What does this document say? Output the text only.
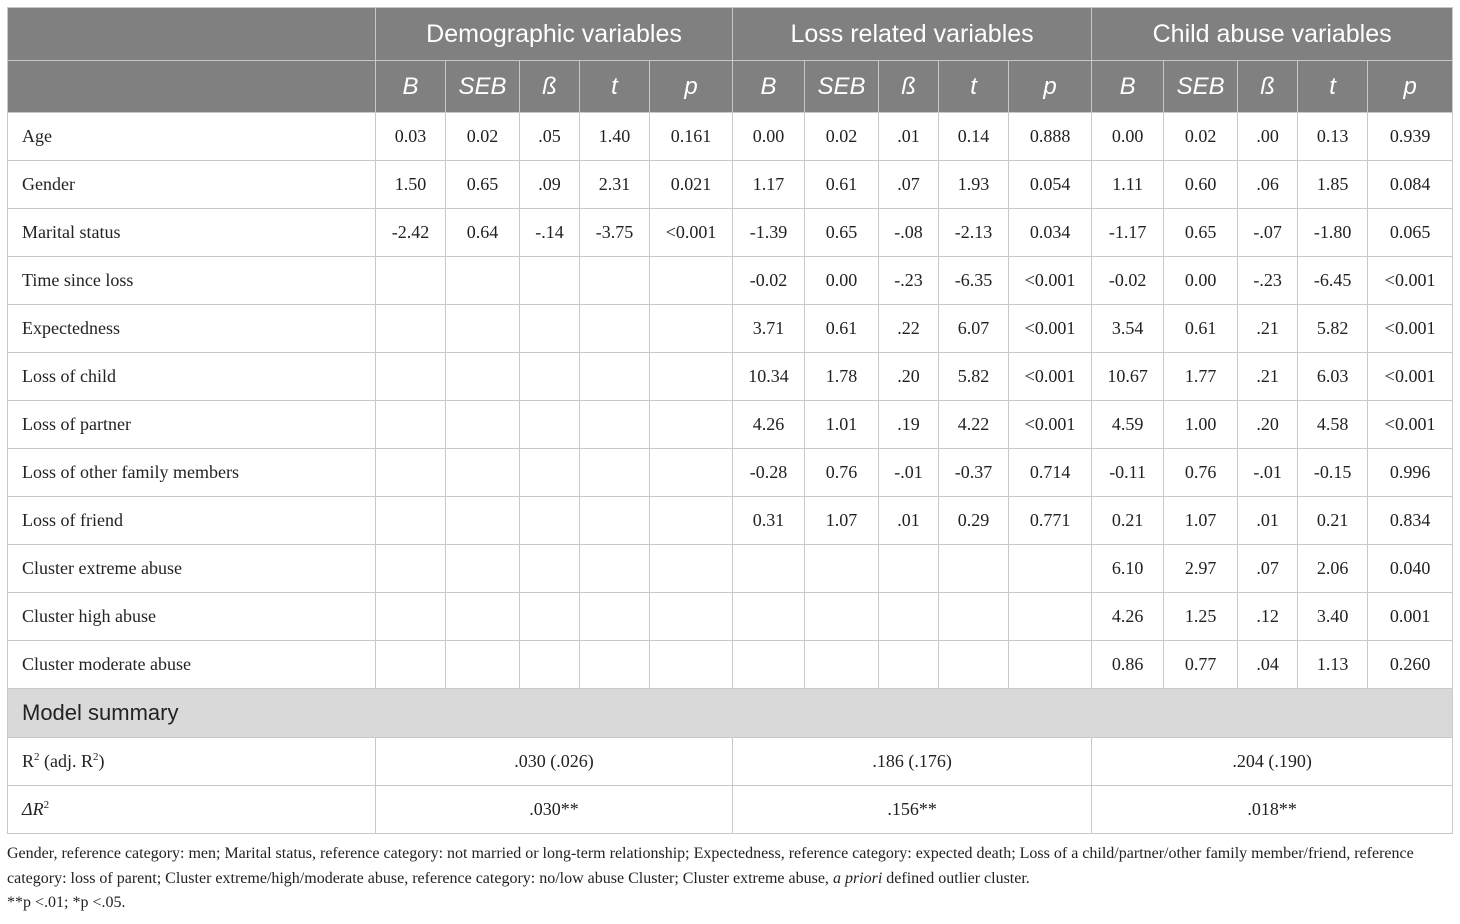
	Demographic variables					Loss related variables					Child abuse variables				
	B	SEB	ß	t	p	B	SEB	ß	t	p	B	SEB	ß	t	p
Age	0.03	0.02	.05	1.40	0.161	0.00	0.02	.01	0.14	0.888	0.00	0.02	.00	0.13	0.939
Gender	1.50	0.65	.09	2.31	0.021	1.17	0.61	.07	1.93	0.054	1.11	0.60	.06	1.85	0.084
Marital status	-2.42	0.64	-.14	-3.75	<0.001	-1.39	0.65	-.08	-2.13	0.034	-1.17	0.65	-.07	-1.80	0.065
Time since loss						-0.02	0.00	-.23	-6.35	<0.001	-0.02	0.00	-.23	-6.45	<0.001
Expectedness						3.71	0.61	.22	6.07	<0.001	3.54	0.61	.21	5.82	<0.001
Loss of child						10.34	1.78	.20	5.82	<0.001	10.67	1.77	.21	6.03	<0.001
Loss of partner						4.26	1.01	.19	4.22	<0.001	4.59	1.00	.20	4.58	<0.001
Loss of other family members						-0.28	0.76	-.01	-0.37	0.714	-0.11	0.76	-.01	-0.15	0.996
Loss of friend						0.31	1.07	.01	0.29	0.771	0.21	1.07	.01	0.21	0.834
Cluster extreme abuse											6.10	2.97	.07	2.06	0.040
Cluster high abuse											4.26	1.25	.12	3.40	0.001
Cluster moderate abuse											0.86	0.77	.04	1.13	0.260
Model summary															
$R^2$ (adj. $R^2$)	.030 (.026)					.186 (.176)					.204 (.190)				
$\Delta R^2$	.030**					.156**					.018**				
Gender, reference category: men; Marital status, reference category: not married or long-term relationship; Expectedness, reference category: expected death; Loss of a child/partner/other family member/friend, reference category: loss of parent; Cluster extreme/high/moderate abuse, reference category: no/low abuse Cluster; Cluster extreme abuse, a priori defined outlier cluster.
**p <.01; *p <.05.
